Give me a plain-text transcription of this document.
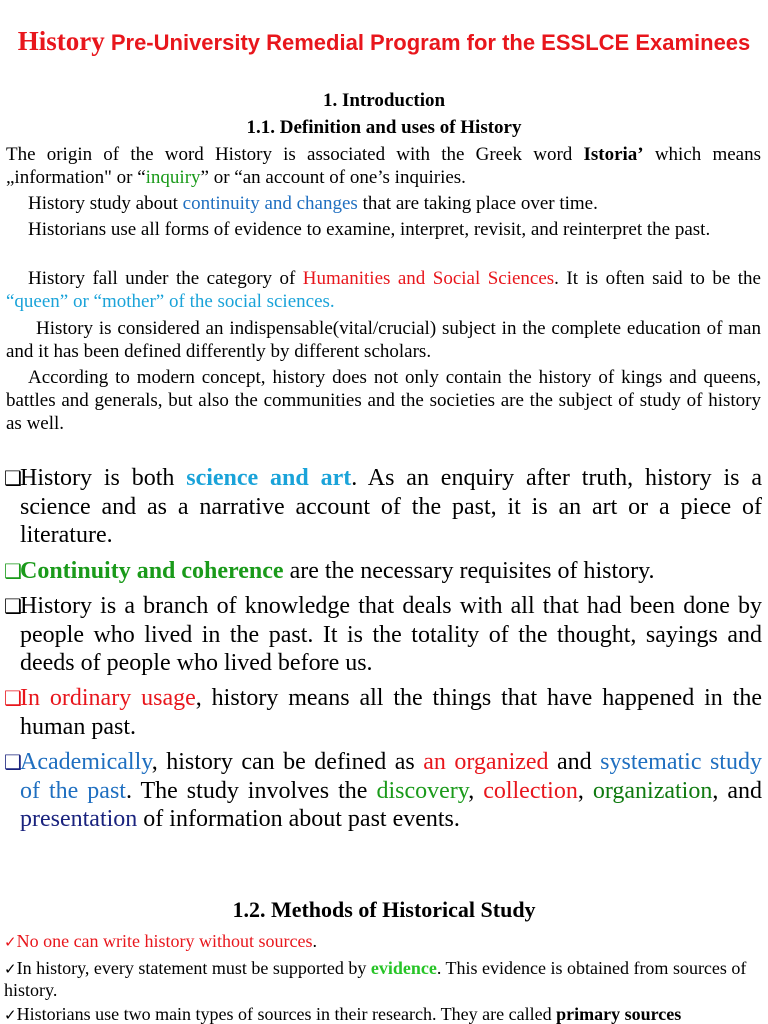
History Pre-University Remedial Program for the ESSLCE Examinees
1. Introduction
1.1. Definition and uses of History
The origin of the word History is associated with the Greek word Istoria’ which means „information" or “inquiry” or “an account of one’s inquiries.
History study about continuity and changes that are taking place over time.
Historians use all forms of evidence to examine, interpret, revisit, and reinterpret the past.
History fall under the category of Humanities and Social Sciences. It is often said to be the “queen” or “mother” of the social sciences.
History is considered an indispensable(vital/crucial) subject in the complete education of man and it has been defined differently by different scholars.
According to modern concept, history does not only contain the history of kings and queens, battles and generals, but also the communities and the societies are the subject of study of history as well.
❑
History is both science and art. As an enquiry after truth, history is a science and as a narrative account of the past, it is an art or a piece of literature.
❑
Continuity and coherence are the necessary requisites of history.
❑
History is a branch of knowledge that deals with all that had been done by people who lived in the past. It is the totality of the thought, sayings and deeds of people who lived before us.
❑
In ordinary usage, history means all the things that have happened in the human past.
❑
Academically, history can be defined as an organized and systematic study of the past. The study involves the discovery, collection, organization, and presentation of information about past events.
1.2. Methods of Historical Study
✓No one can write history without sources.
✓In history, every statement must be supported by evidence. This evidence is obtained from sources of history.
✓Historians use two main types of sources in their research. They are called primary sources
